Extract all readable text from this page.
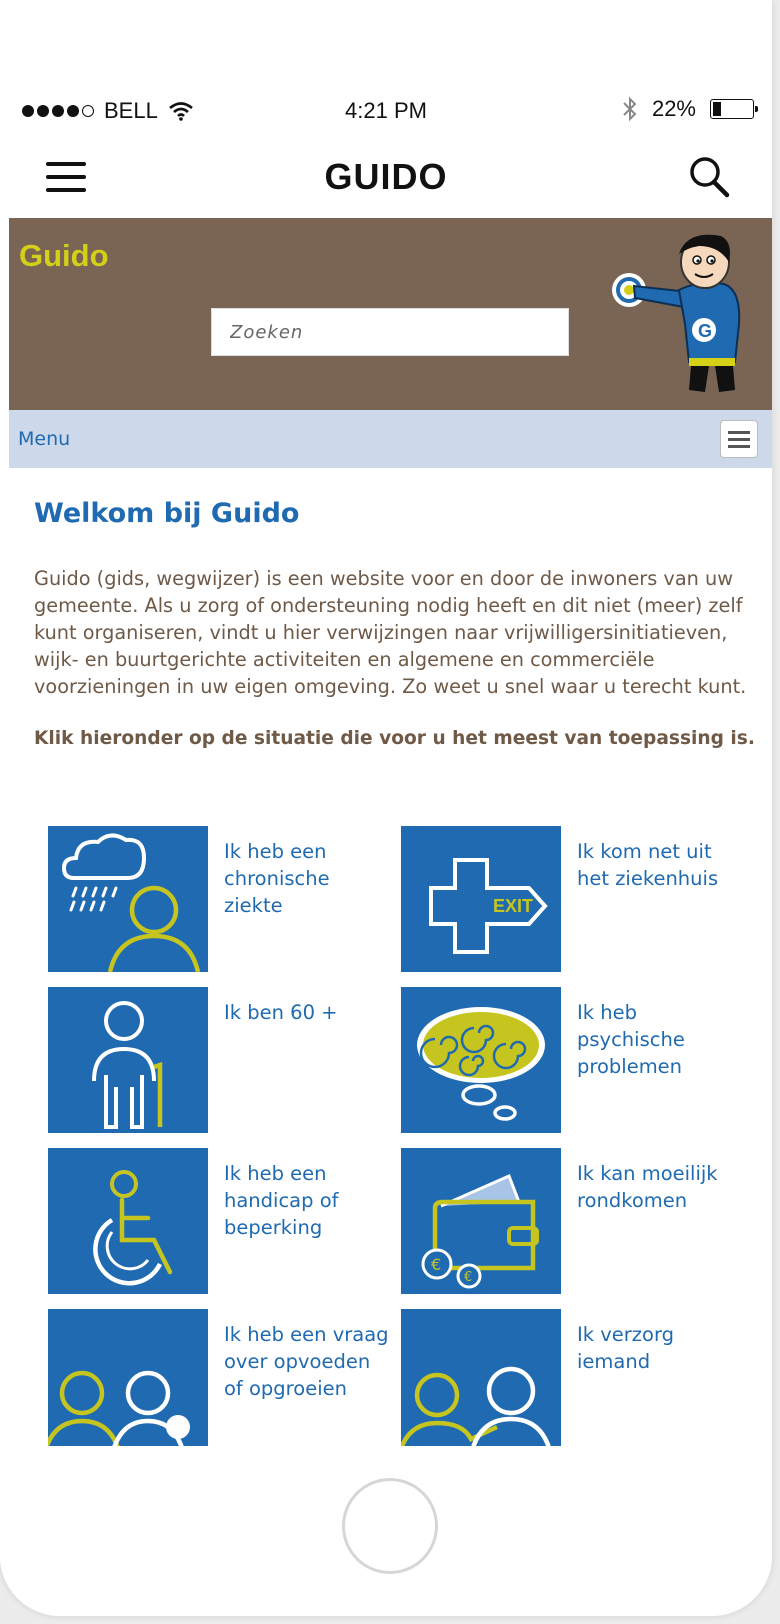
BELL	4:21 PM	22%
GUIDO
Guido
Zoeken
G
Menu
Welkom bij Guido

Guido (gids, wegwijzer) is een website voor en door de inwoners van uw gemeente. Als u zorg of ondersteuning nodig heeft en dit niet (meer) zelf kunt organiseren, vindt u hier verwijzingen naar vrijwilligersinitiatieven, wijk- en buurtgerichte activiteiten en algemene en commerciële voorzieningen in uw eigen omgeving. Zo weet u snel waar u terecht kunt.

Klik hieronder op de situatie die voor u het meest van toepassing is.

Ik heb een chronische ziekte	EXIT
Ik kom net uit het ziekenhuis
Ik ben 60 +	Ik heb psychische problemen
Ik heb een handicap of beperking
€
€
Ik kan moeilijk rondkomen
Ik heb een vraag over opvoeden of opgroeien
Ik verzorg iemand
